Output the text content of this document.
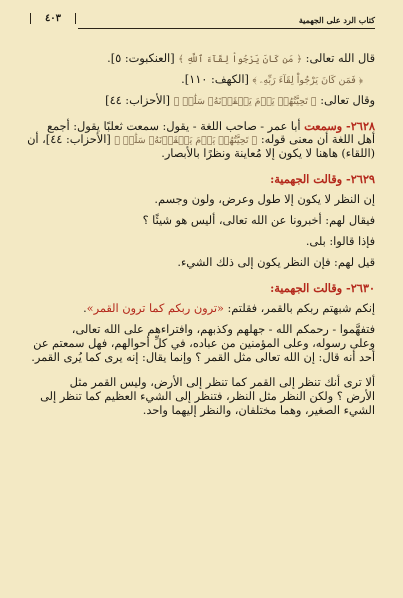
كتاب الرد على الجهمية
٤٠٣
قال الله تعالى: ﴿ مَن كَانَ يَرْجُواْ لِقَآءَ ٱللَّهِ ﴾ [العنكبوت: ٥].
﴿ فَمَن كَانَ يَرْجُواْ لِقَآءَ رَبِّهِۦ ﴾ [الكهف: ١١٠].
وقال تعالى: ﴿ تَحِيَّتُهُمۡ يَوۡمَ يَلۡقَوۡنَهُۥ سَلَٰمٞ ﴾ [الأحزاب: ٤٤]
٢٦٢٨- وسمعت أبا عمر - صاحب اللغة - يقول: سمعت ثعلبًا يقول: أجمع
أهل اللغة أن معنى قوله: ﴿ تَحِيَّتُهُمۡ يَوۡمَ يَلۡقَوۡنَهُۥ سَلَٰمٞ ﴾ [الأحزاب: ٤٤]، أن
(اللقاء) هاهنا لا يكون إلا مُعاينة ونظرًا بالأبصار.
٢٦٢٩- وقالت الجهمية:
إن النظر لا يكون إلا طول وعرض، ولون وجسم.
فيقال لهم: أخبرونا عن الله تعالى، أليس هو شيئًا ؟
فإذا قالوا: بلى.
قيل لهم: فإن النظر يكون إلى ذلك الشيء.
٢٦٣٠- وقالت الجهمية:
إنكم شبهتم ربكم بالقمر، فقلتم: «ترون ربكم كما ترون القمر».
فتفهَّموا - رحمكم الله - جهلهم وكذبهم، وافتراءهم على الله تعالى،
وعلى رسوله، وعلى المؤمنين من عباده، في كلِّ أحوالهم، فهل سمعتم عن
أحد أنه قال: إن الله تعالى مثل القمر ؟ وإنما يقال: إنه يرى كما يُرى القمر.
ألا ترى أنك تنظر إلى القمر كما تنظر إلى الأرض، وليس القمر مثل
الأرض ؟ ولكن النظر مثل النظر، فتنظر إلى الشيء العظيم كما تنظر إلى
الشيء الصغير، وهما مختلفان، والنظر إليهما واحد.
